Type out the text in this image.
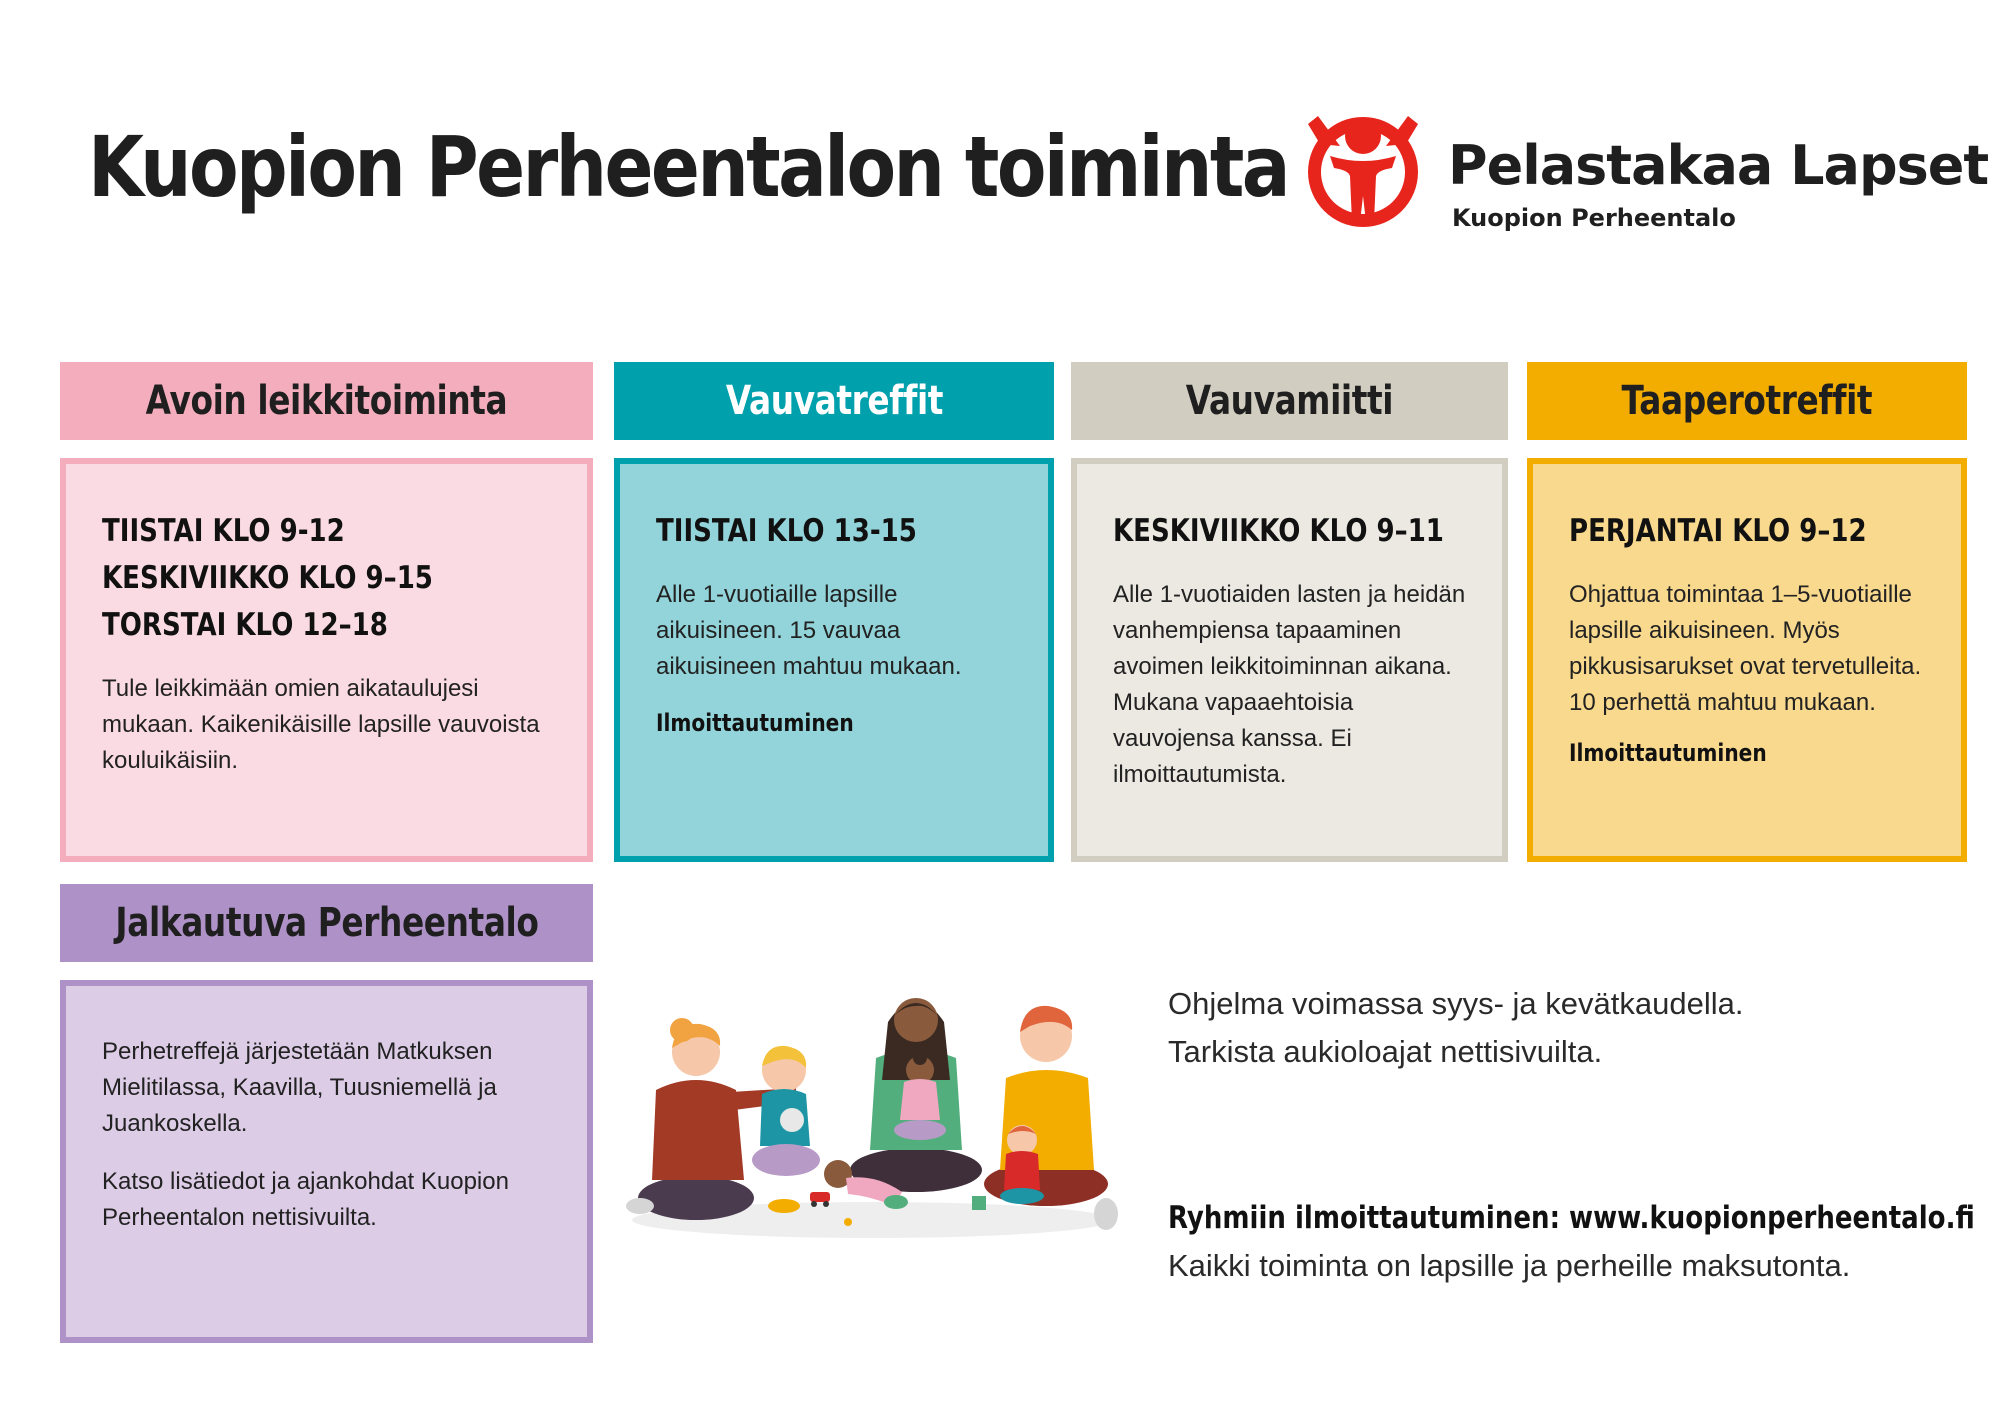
Kuopion Perheentalon toiminta	Pelastakaa Lapset
Kuopion Perheentalo
Avoin leikkitoiminta	Vauvatreffit	Vauvamiitti	Taaperotreffit
TIISTAI KLO 9-12
KESKIVIIKKO KLO 9–15
TORSTAI KLO 12–18

Tule leikkimään omien aikataulujesi mukaan. Kaikenikäisille lapsille vauvoista kouluikäisiin.

TIISTAI KLO 13-15

Alle 1-vuotiaille lapsille aikuisineen. 15 vauvaa aikuisineen mahtuu mukaan.

Ilmoittautuminen
KESKIVIIKKO KLO 9–11

Alle 1-vuotiaiden lasten ja heidän vanhempiensa tapaaminen avoimen leikkitoiminnan aikana. Mukana vapaaehtoisia vauvojensa kanssa. Ei ilmoittautumista.

PERJANTAI KLO 9–12

Ohjattua toimintaa 1–5-vuotiaille lapsille aikuisineen. Myös pikkusisarukset ovat tervetulleita. 10 perhettä mahtuu mukaan.

Ilmoittautuminen
Jalkautuva Perheentalo

Perhetreffejä järjestetään Matkuksen Mielitilassa, Kaavilla, Tuusniemellä ja Juankoskella.

Katso lisätiedot ja ajankohdat Kuopion Perheentalon nettisivuilta.

Ohjelma voimassa syys- ja kevätkaudella.
Tarkista aukioloajat nettisivuilta.
Ryhmiin ilmoittautuminen: www.kuopionperheentalo.fi
Kaikki toiminta on lapsille ja perheille maksutonta.
